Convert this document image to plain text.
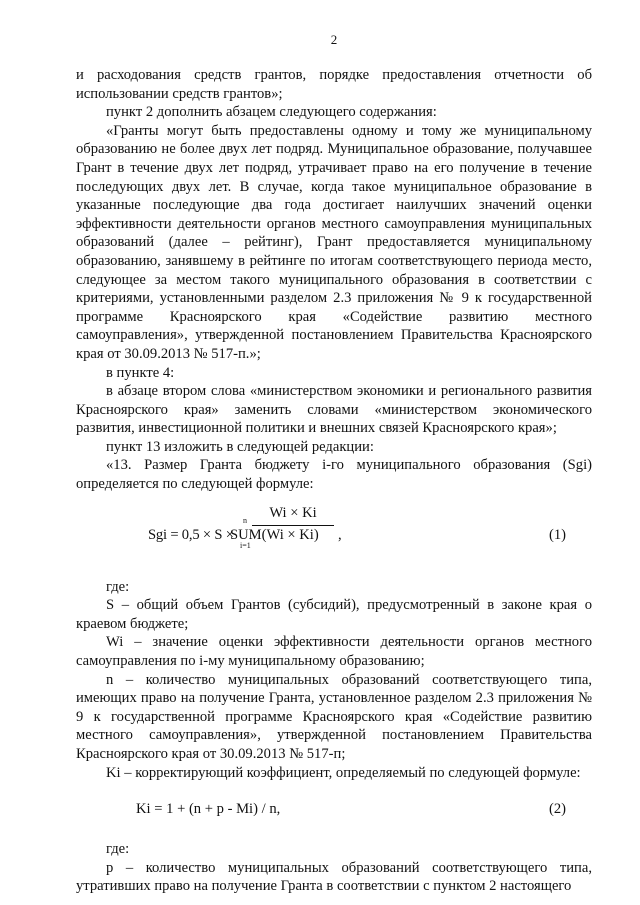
2

и расходования средств грантов, порядке предоставления отчетности об использовании средств грантов»;

пункт 2 дополнить абзацем следующего содержания:

«Гранты могут быть предоставлены одному и тому же муниципальному образованию не более двух лет подряд. Муниципальное образование, получавшее Грант в течение двух лет подряд, утрачивает право на его получение в течение последующих двух лет. В случае, когда такое муниципальное образование в указанные последующие два года достигает наилучших значений оценки эффективности деятельности органов местного самоуправления муниципальных образований (далее – рейтинг), Грант предоставляется муниципальному образованию, занявшему в рейтинге по итогам соответствующего периода место, следующее за местом такого муниципального образования в соответствии с критериями, установленными разделом 2.3 приложения № 9 к государственной программе Красноярского края «Содействие развитию местного самоуправления», утвержденной постановлением Правительства Красноярского края от 30.09.2013 № 517-п.»;

в пункте 4:

в абзаце втором слова «министерством экономики и регионального развития Красноярского края» заменить словами «министерством экономического развития, инвестиционной политики и внешних связей Красноярского края»;

пункт 13 изложить в следующей редакции:

«13. Размер Гранта бюджету i-го муниципального образования (Sgi) определяется по следующей формуле:

Sgi = 0,5 × S ×
Wi × Ki
n
SUM
i=1
(Wi × Ki) ,	(1)

где:

S – общий объем Грантов (субсидий), предусмотренный в законе края о краевом бюджете;

Wi – значение оценки эффективности деятельности органов местного самоуправления по i-му муниципальному образованию;

n – количество муниципальных образований соответствующего типа, имеющих право на получение Гранта, установленное разделом 2.3 приложения № 9 к государственной программе Красноярского края «Содействие развитию местного самоуправления», утвержденной постановлением Правительства Красноярского края от 30.09.2013 № 517-п;

Ki – корректирующий коэффициент, определяемый по следующей формуле:

Ki = 1 + (n + p - Mi) / n,	(2)

где:

p – количество муниципальных образований соответствующего типа, утративших право на получение Гранта в соответствии с пунктом 2 настоящего
